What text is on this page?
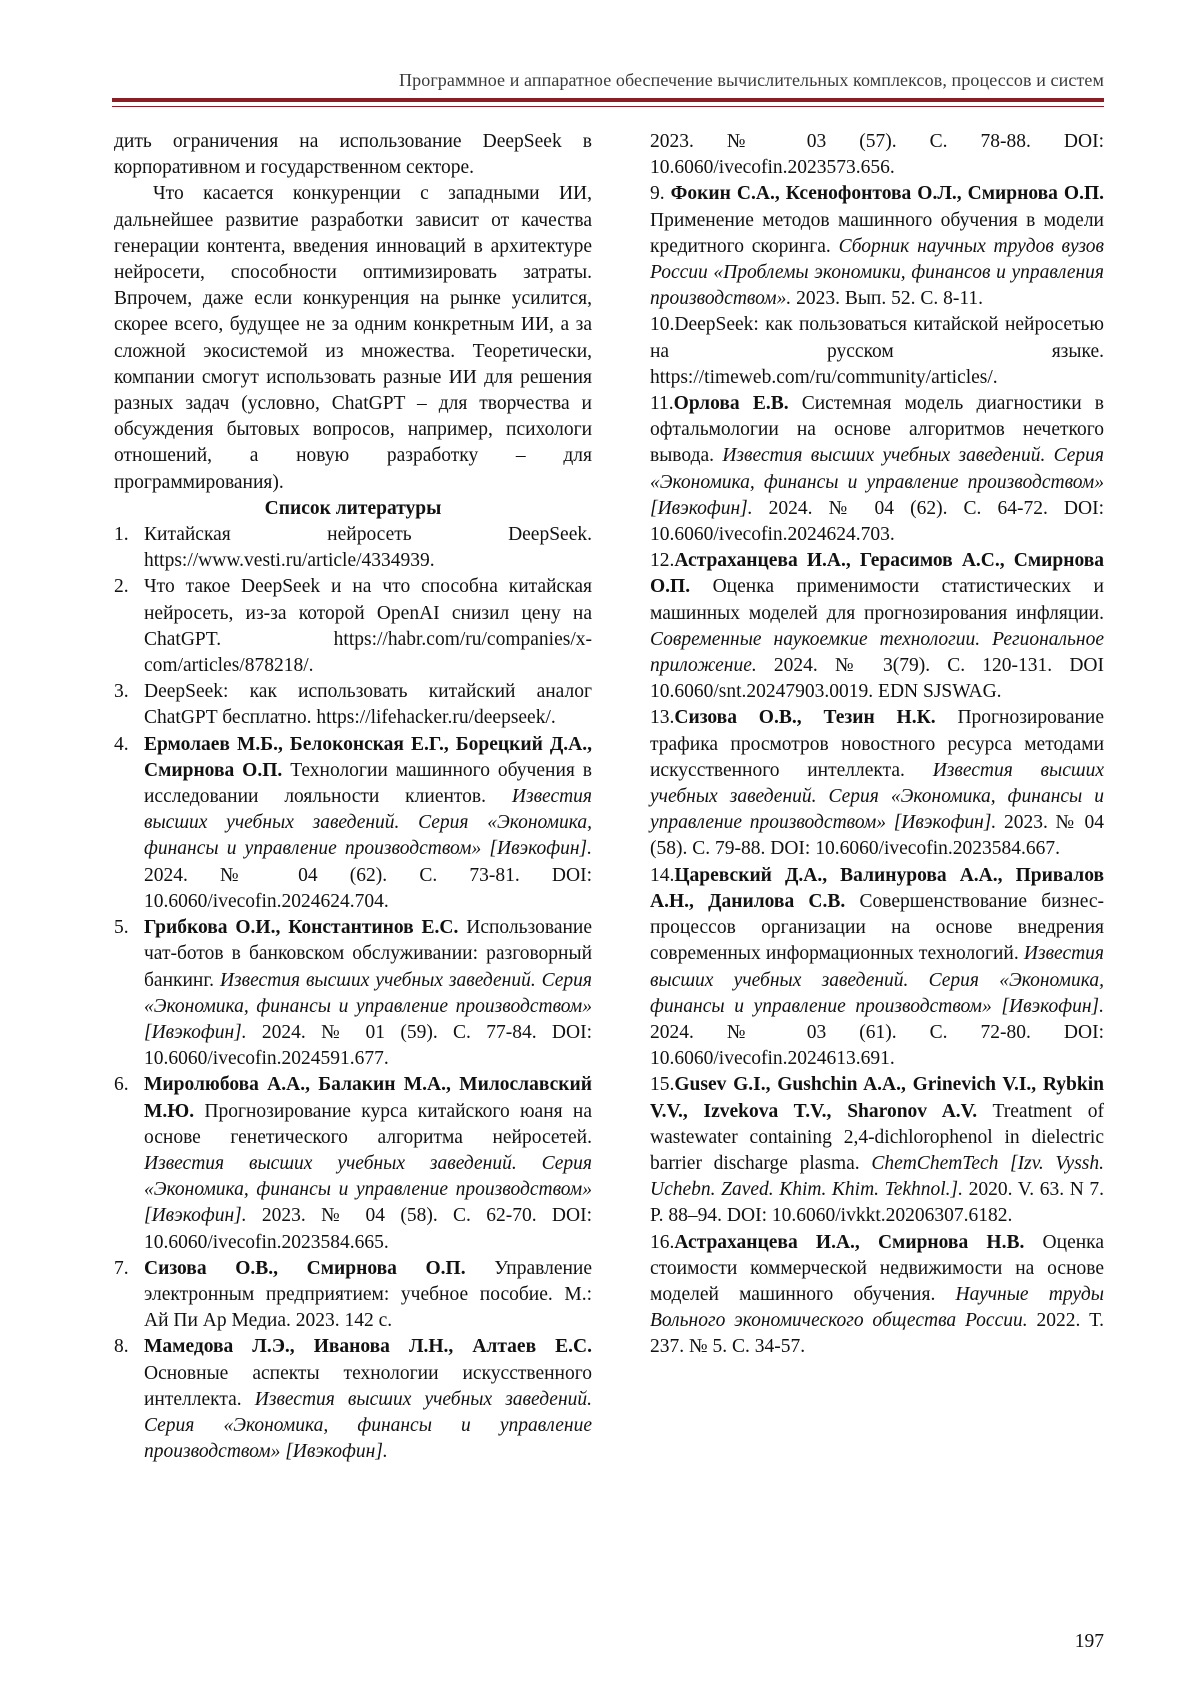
Программное и аппаратное обеспечение вычислительных комплексов, процессов и систем

дить ограничения на использование DeepSeek в корпоративном и государственном секторе.

Что касается конкуренции с западными ИИ, дальнейшее развитие разработки зависит от качества генерации контента, введения инноваций в архитектуре нейросети, способности оптимизировать затраты. Впрочем, даже если конкуренция на рынке усилится, скорее всего, будущее не за одним конкретным ИИ, а за сложной экосистемой из множества. Теоретически, компании смогут использовать разные ИИ для решения разных задач (условно, ChatGPT – для творчества и обсуждения бытовых вопросов, например, психологи отношений, а новую разработку – для программирования).

Список литературы

1. Китайская нейросеть DeepSeek. https://www.vesti.ru/article/4334939.
2. Что такое DeepSeek и на что способна китайская нейросеть, из-за которой OpenAI снизил цену на ChatGPT. https://habr.com/ru/companies/x-com/articles/878218/.
3. DeepSeek: как использовать китайский аналог ChatGPT бесплатно. https://lifehacker.ru/deepseek/.
4. Ермолаев М.Б., Белоконская Е.Г., Борецкий Д.А., Смирнова О.П. Технологии машинного обучения в исследовании лояльности клиентов. Известия высших учебных заведений. Серия «Экономика, финансы и управление производством» [Ивэкофин]. 2024. № 04 (62). С. 73-81. DOI: 10.6060/ivecofin.2024624.704.
5. Грибкова О.И., Константинов Е.С. Использование чат-ботов в банковском обслуживании: разговорный банкинг. Известия высших учебных заведений. Серия «Экономика, финансы и управление производством» [Ивэкофин]. 2024. № 01 (59). С. 77-84. DOI: 10.6060/ivecofin.2024591.677.
6. Миролюбова А.А., Балакин М.А., Милославский М.Ю. Прогнозирование курса китайского юаня на основе генетического алгоритма нейросетей. Известия высших учебных заведений. Серия «Экономика, финансы и управление производством» [Ивэкофин]. 2023. № 04 (58). С. 62-70. DOI: 10.6060/ivecofin.2023584.665.
7. Сизова О.В., Смирнова О.П. Управление электронным предприятием: учебное пособие. М.: Ай Пи Ар Медиа. 2023. 142 с.
8. Мамедова Л.Э., Иванова Л.Н., Алтаев Е.С. Основные аспекты технологии искусственного интеллекта. Известия высших учебных заведений. Серия «Экономика, финансы и управление производством» [Ивэкофин].
2023. № 03 (57). С. 78-88. DOI: 10.6060/ivecofin.2023573.656.
9. Фокин С.А., Ксенофонтова О.Л., Смирнова О.П. Применение методов машинного обучения в модели кредитного скоринга. Сборник научных трудов вузов России «Проблемы экономики, финансов и управления производством». 2023. Вып. 52. С. 8-11.
10.DeepSeek: как пользоваться китайской нейросетью на русском языке. https://timeweb.com/ru/community/articles/.
11.Орлова Е.В. Системная модель диагностики в офтальмологии на основе алгоритмов нечеткого вывода. Известия высших учебных заведений. Серия «Экономика, финансы и управление производством» [Ивэкофин]. 2024. № 04 (62). С. 64-72. DOI: 10.6060/ivecofin.2024624.703.
12.Астраханцева И.А., Герасимов А.С., Смирнова О.П. Оценка применимости статистических и машинных моделей для прогнозирования инфляции. Современные наукоемкие технологии. Региональное приложение. 2024. № 3(79). С. 120-131. DOI 10.6060/snt.20247903.0019. EDN SJSWAG.
13.Сизова О.В., Тезин Н.К. Прогнозирование трафика просмотров новостного ресурса методами искусственного интеллекта. Известия высших учебных заведений. Серия «Экономика, финансы и управление производством» [Ивэкофин]. 2023. № 04 (58). С. 79-88. DOI: 10.6060/ivecofin.2023584.667.
14.Царевский Д.А., Валинурова А.А., Привалов А.Н., Данилова С.В. Совершенствование бизнес-процессов организации на основе внедрения современных информационных технологий. Известия высших учебных заведений. Серия «Экономика, финансы и управление производством» [Ивэкофин]. 2024. № 03 (61). С. 72-80. DOI: 10.6060/ivecofin.2024613.691.
15.Gusev G.I., Gushchin A.A., Grinevich V.I., Rybkin V.V., Izvekova T.V., Sharonov A.V. Treatment of wastewater containing 2,4-dichlorophenol in dielectric barrier discharge plasma. ChemChemTech [Izv. Vyssh. Uchebn. Zaved. Khim. Khim. Tekhnol.]. 2020. V. 63. N 7. P. 88–94. DOI: 10.6060/ivkkt.20206307.6182.
16.Астраханцева И.А., Смирнова Н.В. Оценка стоимости коммерческой недвижимости на основе моделей машинного обучения. Научные труды Вольного экономического общества России. 2022. Т. 237. № 5. С. 34-57.
197
